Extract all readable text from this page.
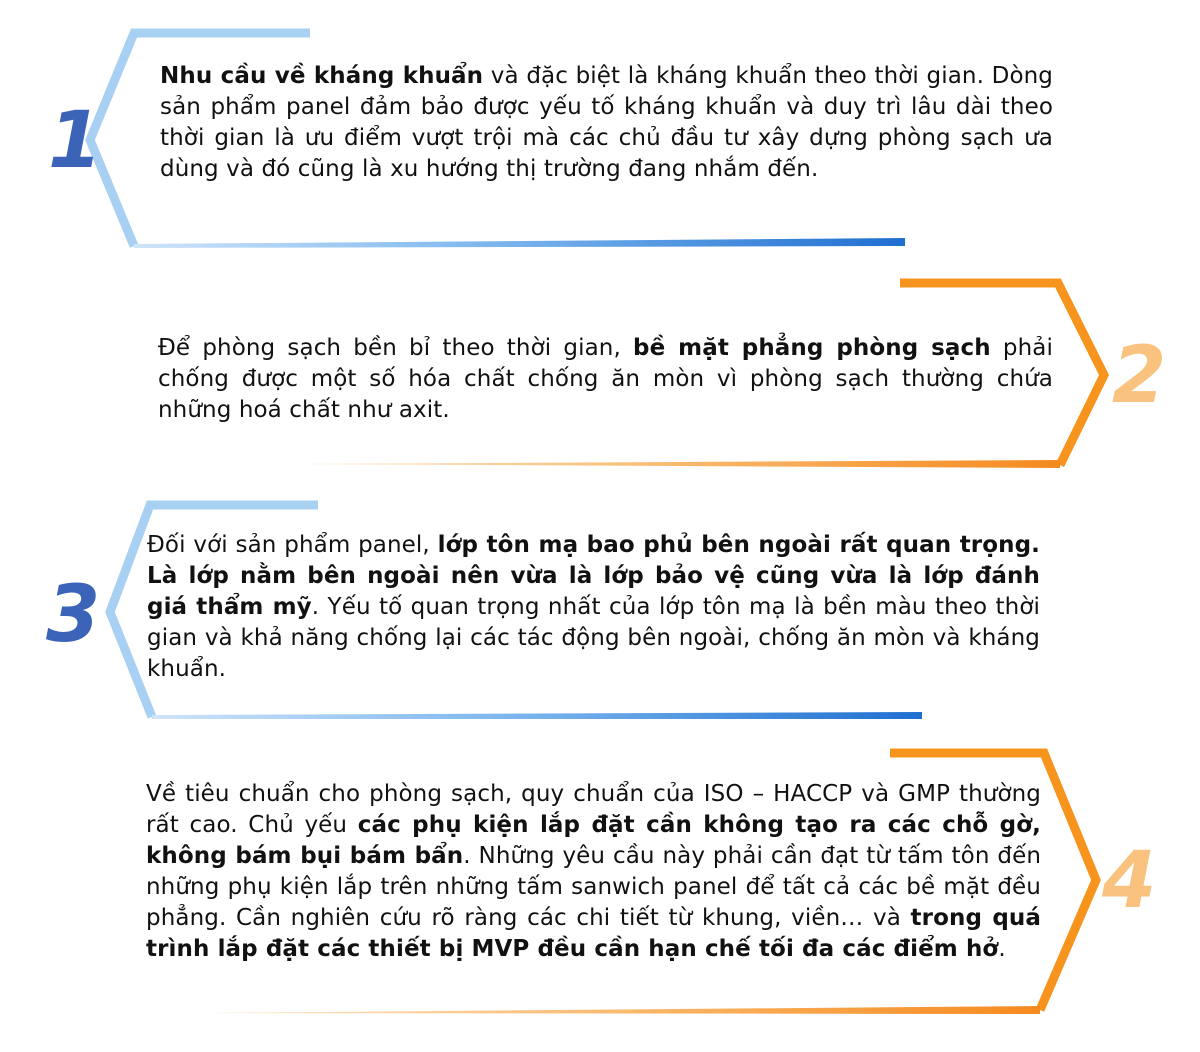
1
2
3
4
Nhu cầu về kháng khuẩn và đặc biệt là kháng khuẩn theo thời gian. Dòng sản phẩm panel đảm bảo được yếu tố kháng khuẩn và duy trì lâu dài theo thời gian là ưu điểm vượt trội mà các chủ đầu tư xây dựng phòng sạch ưa dùng và đó cũng là xu hướng thị trường đang nhắm đến.
Để phòng sạch bền bỉ theo thời gian, bề mặt phẳng phòng sạch phải chống được một số hóa chất chống ăn mòn vì phòng sạch thường chứa những hoá chất như axit.
Đối với sản phẩm panel, lớp tôn mạ bao phủ bên ngoài rất quan trọng. Là lớp nằm bên ngoài nên vừa là lớp bảo vệ cũng vừa là lớp đánh giá thẩm mỹ. Yếu tố quan trọng nhất của lớp tôn mạ là bền màu theo thời gian và khả năng chống lại các tác động bên ngoài, chống ăn mòn và kháng khuẩn.
Về tiêu chuẩn cho phòng sạch, quy chuẩn của ISO – HACCP và GMP thường rất cao. Chủ yếu các phụ kiện lắp đặt cần không tạo ra các chỗ gờ, không bám bụi bám bẩn. Những yêu cầu này phải cần đạt từ tấm tôn đến những phụ kiện lắp trên những tấm sanwich panel để tất cả các bề mặt đều phẳng. Cần nghiên cứu rõ ràng các chi tiết từ khung, viền… và trong quá trình lắp đặt các thiết bị MVP đều cần hạn chế tối đa các điểm hở.
